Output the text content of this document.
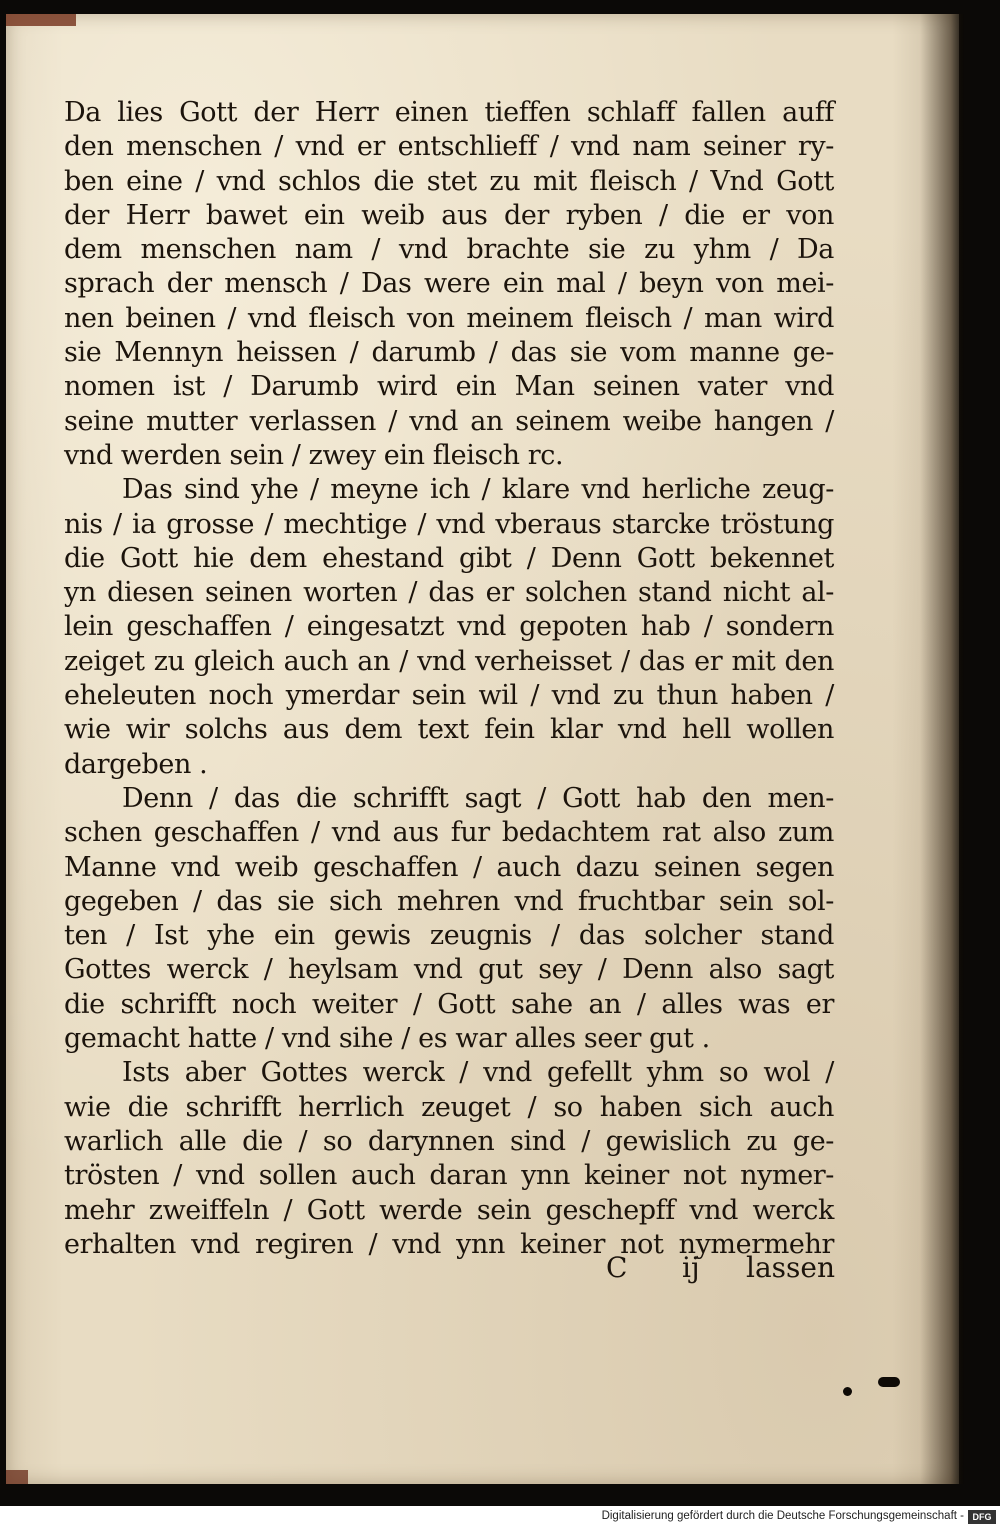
Da lies Gott der Herr einen tieffen schlaff fallen auff
den menschen / vnd er entschlieff / vnd nam seiner ry-
ben eine / vnd schlos die stet zu mit fleisch / Vnd Gott
der Herr bawet ein weib aus der ryben / die er von
dem menschen nam / vnd brachte sie zu yhm / Da
sprach der mensch / Das were ein mal / beyn von mei-
nen beinen / vnd fleisch von meinem fleisch / man wird
sie Mennyn heissen / darumb / das sie vom manne ge-
nomen ist / Darumb wird ein Man seinen vater vnd
seine mutter verlassen / vnd an seinem weibe hangen /
vnd werden sein / zwey ein fleisch rc.
Das sind yhe / meyne ich / klare vnd herliche zeug-
nis / ia grosse / mechtige / vnd vberaus starcke tröstung
die Gott hie dem ehestand gibt / Denn Gott bekennet
yn diesen seinen worten / das er solchen stand nicht al-
lein geschaffen / eingesatzt vnd gepoten hab / sondern
zeiget zu gleich auch an / vnd verheisset / das er mit den
eheleuten noch ymerdar sein wil / vnd zu thun haben /
wie wir solchs aus dem text fein klar vnd hell wollen
dargeben .
Denn / das die schrifft sagt / Gott hab den men-
schen geschaffen / vnd aus fur bedachtem rat also zum
Manne vnd weib geschaffen / auch dazu seinen segen
gegeben / das sie sich mehren vnd fruchtbar sein sol-
ten / Ist yhe ein gewis zeugnis / das solcher stand
Gottes werck / heylsam vnd gut sey / Denn also sagt
die schrifft noch weiter / Gott sahe an / alles was er
gemacht hatte / vnd sihe / es war alles seer gut .
Ists aber Gottes werck / vnd gefellt yhm so wol /
wie die schrifft herrlich zeuget / so haben sich auch
warlich alle die / so darynnen sind / gewislich zu ge-
trösten / vnd sollen auch daran ynn keiner not nymer-
mehr zweiffeln / Gott werde sein geschepff vnd werck
erhalten vnd regiren / vnd ynn keiner not nymermehr
C ij lassen
Digitalisierung gefördert durch die Deutsche Forschungsgemeinschaft - DFG
